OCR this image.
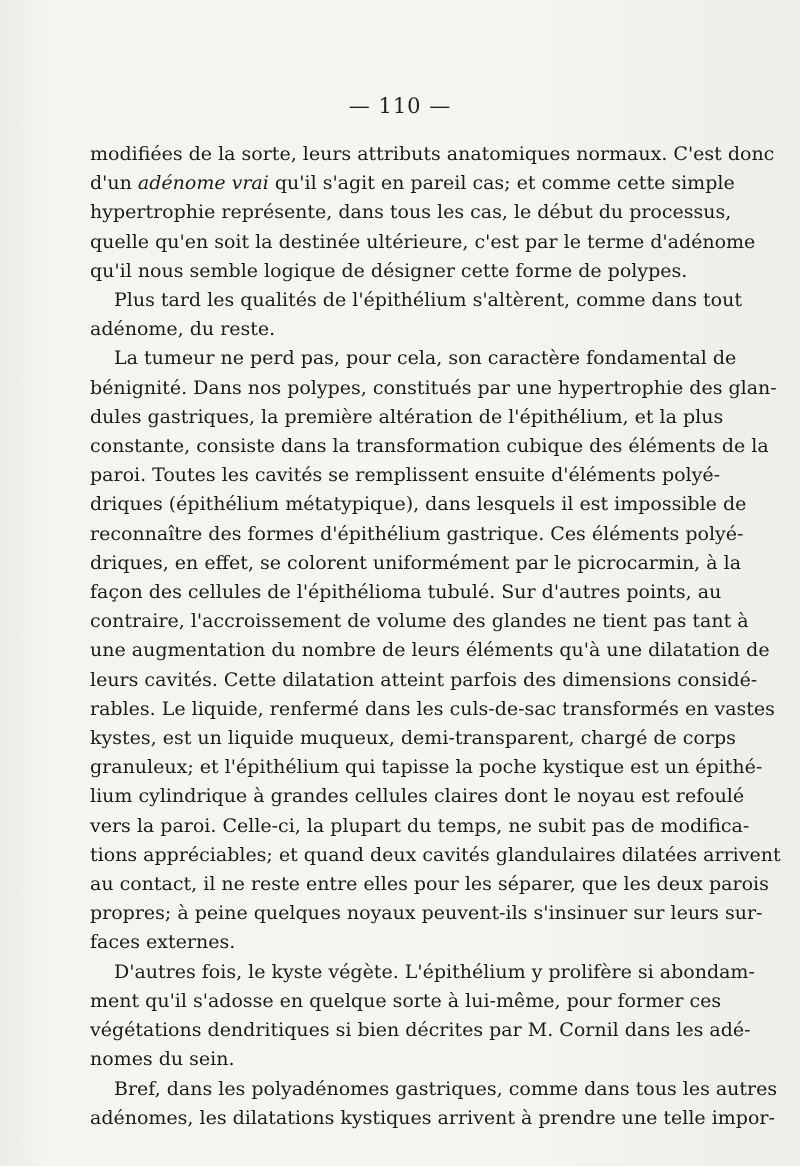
— 110 —

modifiées de la sorte, leurs attributs anatomiques normaux. C'est donc
d'un adénome vrai qu'il s'agit en pareil cas; et comme cette simple
hypertrophie représente, dans tous les cas, le début du processus,
quelle qu'en soit la destinée ultérieure, c'est par le terme d'adénome
qu'il nous semble logique de désigner cette forme de polypes.

Plus tard les qualités de l'épithélium s'altèrent, comme dans tout
adénome, du reste.

La tumeur ne perd pas, pour cela, son caractère fondamental de
bénignité. Dans nos polypes, constitués par une hypertrophie des glan-
dules gastriques, la première altération de l'épithélium, et la plus
constante, consiste dans la transformation cubique des éléments de la
paroi. Toutes les cavités se remplissent ensuite d'éléments polyé-
driques (épithélium métatypique), dans lesquels il est impossible de
reconnaître des formes d'épithélium gastrique. Ces éléments polyé-
driques, en effet, se colorent uniformément par le picrocarmin, à la
façon des cellules de l'épithélioma tubulé. Sur d'autres points, au
contraire, l'accroissement de volume des glandes ne tient pas tant à
une augmentation du nombre de leurs éléments qu'à une dilatation de
leurs cavités. Cette dilatation atteint parfois des dimensions considé-
rables. Le liquide, renfermé dans les culs-de-sac transformés en vastes
kystes, est un liquide muqueux, demi-transparent, chargé de corps
granuleux; et l'épithélium qui tapisse la poche kystique est un épithé-
lium cylindrique à grandes cellules claires dont le noyau est refoulé
vers la paroi. Celle-ci, la plupart du temps, ne subit pas de modifica-
tions appréciables; et quand deux cavités glandulaires dilatées arrivent
au contact, il ne reste entre elles pour les séparer, que les deux parois
propres; à peine quelques noyaux peuvent-ils s'insinuer sur leurs sur-
faces externes.

D'autres fois, le kyste végète. L'épithélium y prolifère si abondam-
ment qu'il s'adosse en quelque sorte à lui-même, pour former ces
végétations dendritiques si bien décrites par M. Cornil dans les adé-
nomes du sein.

Bref, dans les polyadénomes gastriques, comme dans tous les autres
adénomes, les dilatations kystiques arrivent à prendre une telle impor-
